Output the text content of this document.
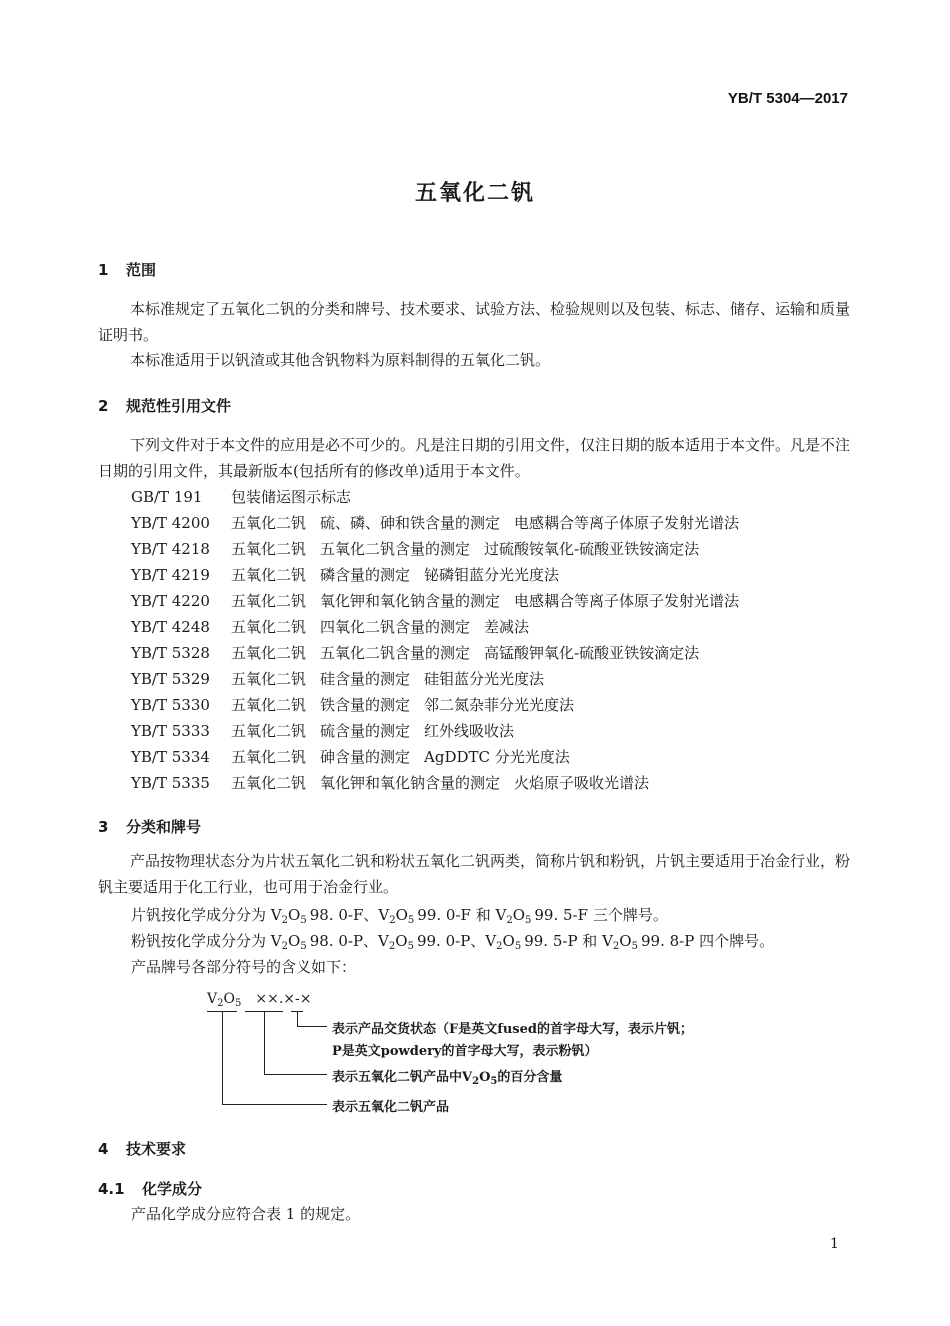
YB/T 5304—2017
五氧化二钒
1 范围
本标准规定了五氧化二钒的分类和牌号、技术要求、试验方法、检验规则以及包装、标志、储存、运输和质量证明书。
本标准适用于以钒渣或其他含钒物料为原料制得的五氧化二钒。
2 规范性引用文件
下列文件对于本文件的应用是必不可少的。凡是注日期的引用文件，仅注日期的版本适用于本文件。凡是不注日期的引用文件，其最新版本(包括所有的修改单)适用于本文件。
GB/T 191 包装储运图示标志
YB/T 4200 五氧化二钒 硫、磷、砷和铁含量的测定 电感耦合等离子体原子发射光谱法
YB/T 4218 五氧化二钒 五氧化二钒含量的测定 过硫酸铵氧化-硫酸亚铁铵滴定法
YB/T 4219 五氧化二钒 磷含量的测定 铋磷钼蓝分光光度法
YB/T 4220 五氧化二钒 氧化钾和氧化钠含量的测定 电感耦合等离子体原子发射光谱法
YB/T 4248 五氧化二钒 四氧化二钒含量的测定 差减法
YB/T 5328 五氧化二钒 五氧化二钒含量的测定 高锰酸钾氧化-硫酸亚铁铵滴定法
YB/T 5329 五氧化二钒 硅含量的测定 硅钼蓝分光光度法
YB/T 5330 五氧化二钒 铁含量的测定 邻二氮杂菲分光光度法
YB/T 5333 五氧化二钒 硫含量的测定 红外线吸收法
YB/T 5334 五氧化二钒 砷含量的测定 AgDDTC 分光光度法
YB/T 5335 五氧化二钒 氧化钾和氧化钠含量的测定 火焰原子吸收光谱法
3 分类和牌号
产品按物理状态分为片状五氧化二钒和粉状五氧化二钒两类，简称片钒和粉钒，片钒主要适用于冶金行业，粉钒主要适用于化工行业，也可用于冶金行业。
片钒按化学成分分为 $V_2O_5$  98. 0-F、$V_2O_5$  99. 0-F 和 $V_2O_5$  99. 5-F 三个牌号。
粉钒按化学成分分为 $V_2O_5$  98. 0-P、$V_2O_5$  99. 0-P、$V_2O_5$  99. 5-P 和 $V_2O_5$  99. 8-P 四个牌号。
产品牌号各部分符号的含义如下：
$V_2O_5$  ××.×-×
表示产品交货状态（F是英文fused的首字母大写，表示片钒；
P是英文powdery的首字母大写，表示粉钒）
表示五氧化二钒产品中$V_2O_5$的百分含量
表示五氧化二钒产品
4 技术要求
4.1 化学成分
产品化学成分应符合表 1 的规定。
1
